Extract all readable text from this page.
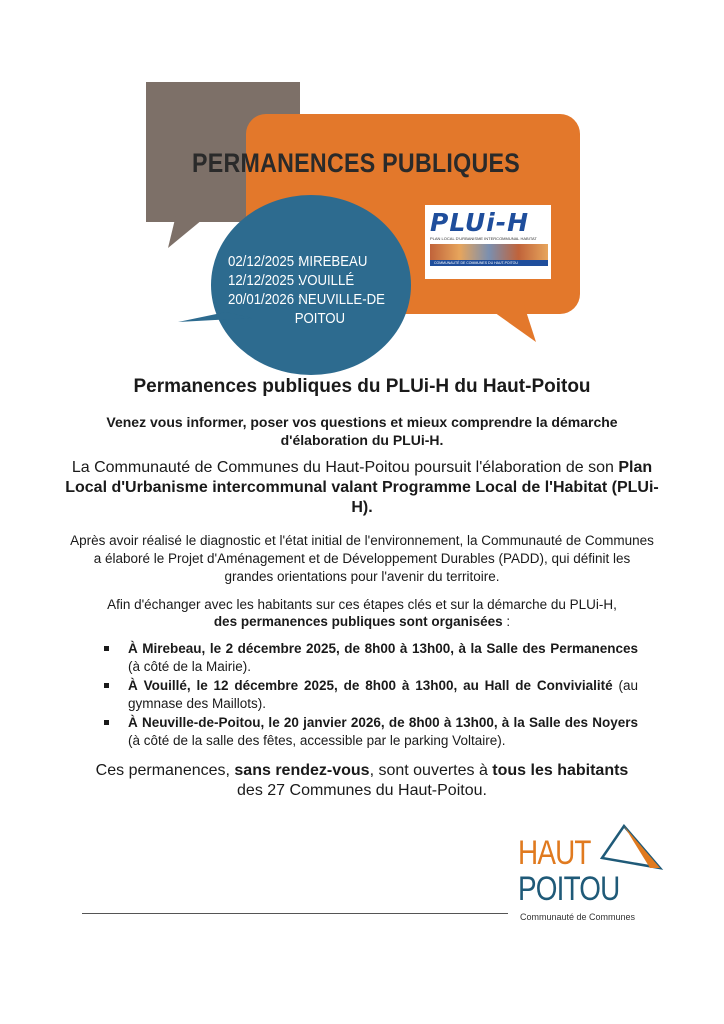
PERMANENCES PUBLIQUES
02/12/2025 :
MIREBEAU
12/12/2025 :
VOUILLÉ
20/01/2026 :
NEUVILLE-DE
POITOU
PLUi-H
PLAN LOCAL D'URBANISME INTERCOMMUNAL HABITAT
COMMUNAUTÉ DE COMMUNES DU HAUT-POITOU
Tous acteurs de notre territoire
Permanences publiques du PLUi-H du Haut-Poitou
Venez vous informer, poser vos questions et mieux comprendre la démarche d'élaboration du PLUi-H.
La Communauté de Communes du Haut-Poitou poursuit l'élaboration de son Plan Local d'Urbanisme intercommunal valant Programme Local de l'Habitat (PLUi-H).
Après avoir réalisé le diagnostic et l'état initial de l'environnement, la Communauté de Communes a élaboré le Projet d'Aménagement et de Développement Durables (PADD), qui définit les grandes orientations pour l'avenir du territoire.
Afin d'échanger avec les habitants sur ces étapes clés et sur la démarche du PLUi-H,
des permanences publiques sont organisées :
À Mirebeau, le 2 décembre 2025, de 8h00 à 13h00, à la Salle des Permanences (à côté de la Mairie).
À Vouillé, le 12 décembre 2025, de 8h00 à 13h00, au Hall de Convivialité (au gymnase des Maillots).
À Neuville-de-Poitou, le 20 janvier 2026, de 8h00 à 13h00, à la Salle des Noyers (à côté de la salle des fêtes, accessible par le parking Voltaire).
Ces permanences, sans rendez-vous, sont ouvertes à tous les habitants des 27 Communes du Haut-Poitou.
HAUT
POITOU
Communauté de Communes
